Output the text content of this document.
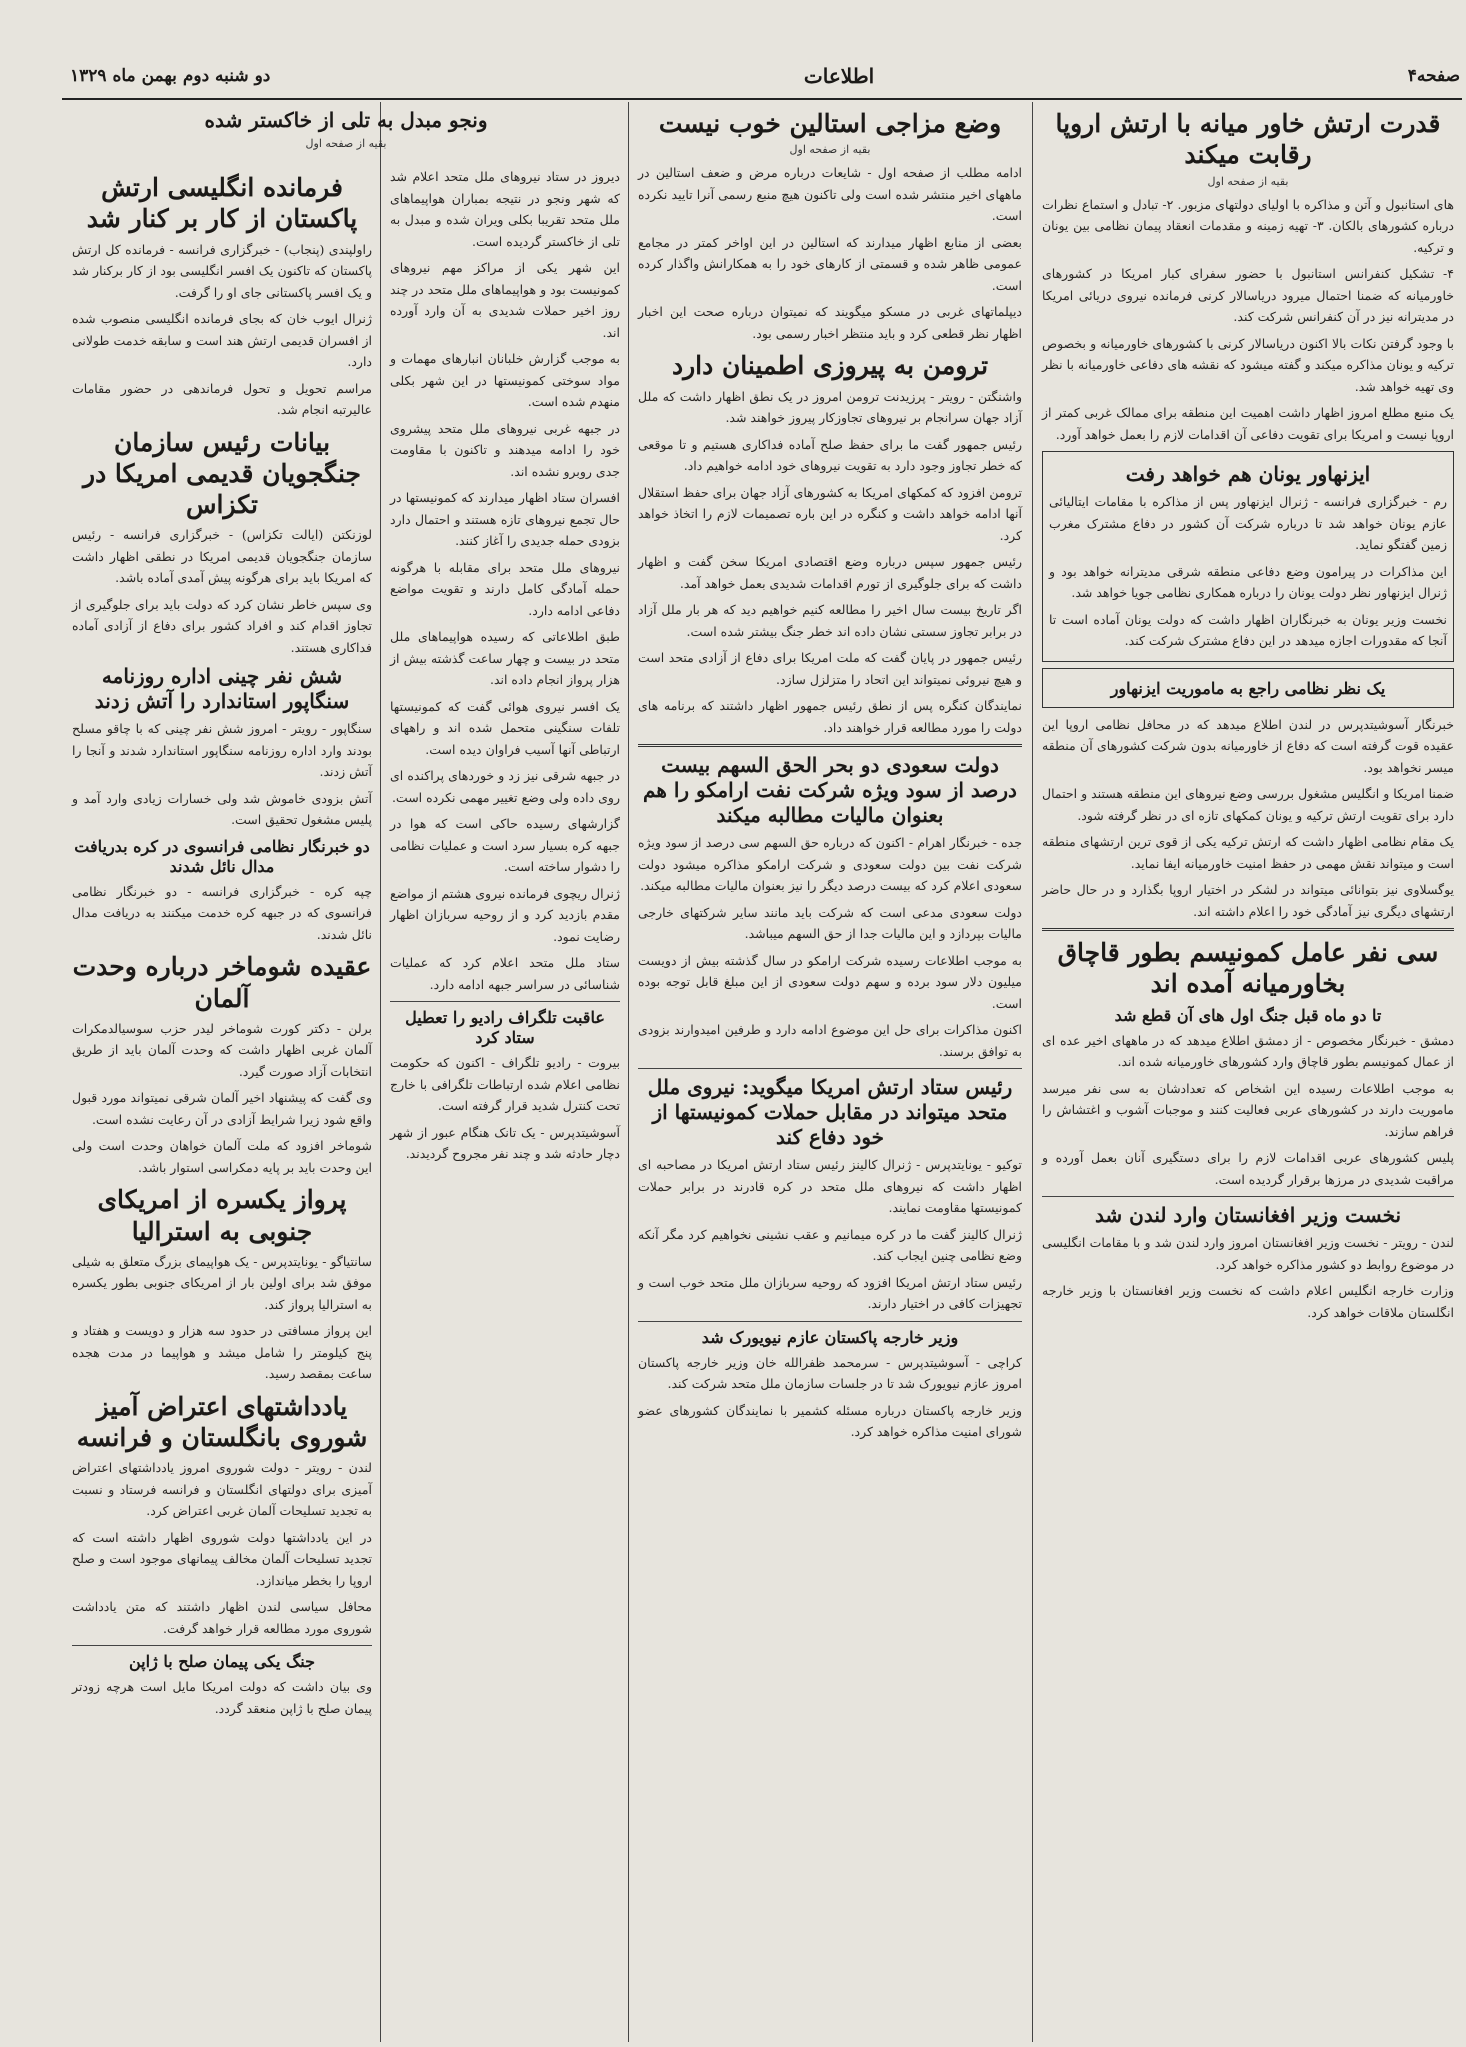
صفحه۴
اطلاعات
دو شنبه دوم بهمن ماه ۱۳۲۹
قدرت ارتش خاور میانه با ارتش اروپا رقابت میکند
بقیه از صفحه اول

های استانبول و آتن و مذاکره با اولیای دولتهای مزبور. ۲- تبادل و استماع نظرات درباره کشورهای بالکان. ۳- تهیه زمینه و مقدمات انعقاد پیمان نظامی بین یونان و ترکیه.

۴- تشکیل کنفرانس استانبول با حضور سفرای کبار امریکا در کشورهای خاورمیانه که ضمنا احتمال میرود دریاسالار کرنی فرمانده نیروی دریائی امریکا در مدیترانه نیز در آن کنفرانس شرکت کند.

با وجود گرفتن نکات بالا اکنون دریاسالار کرنی با کشورهای خاورمیانه و بخصوص ترکیه و یونان مذاکره میکند و گفته میشود که نقشه های دفاعی خاورمیانه با نظر وی تهیه خواهد شد.

یک منبع مطلع امروز اظهار داشت اهمیت این منطقه برای ممالک غربی کمتر از اروپا نیست و امریکا برای تقویت دفاعی آن اقدامات لازم را بعمل خواهد آورد.

ایزنهاور یونان هم خواهد رفت

رم - خبرگزاری فرانسه - ژنرال ایزنهاور پس از مذاکره با مقامات ایتالیائی عازم یونان خواهد شد تا درباره شرکت آن کشور در دفاع مشترک مغرب زمین گفتگو نماید.

این مذاکرات در پیرامون وضع دفاعی منطقه شرقی مدیترانه خواهد بود و ژنرال ایزنهاور نظر دولت یونان را درباره همکاری نظامی جویا خواهد شد.

نخست وزیر یونان به خبرنگاران اظهار داشت که دولت یونان آماده است تا آنجا که مقدورات اجازه میدهد در این دفاع مشترک شرکت کند.

یک نظر نظامی راجع به ماموریت ایزنهاور

خبرنگار آسوشیتدپرس در لندن اطلاع میدهد که در محافل نظامی اروپا این عقیده قوت گرفته است که دفاع از خاورمیانه بدون شرکت کشورهای آن منطقه میسر نخواهد بود.

ضمنا امریکا و انگلیس مشغول بررسی وضع نیروهای این منطقه هستند و احتمال دارد برای تقویت ارتش ترکیه و یونان کمکهای تازه ای در نظر گرفته شود.

یک مقام نظامی اظهار داشت که ارتش ترکیه یکی از قوی ترین ارتشهای منطقه است و میتواند نقش مهمی در حفظ امنیت خاورمیانه ایفا نماید.

یوگسلاوی نیز بتوانائی میتواند در لشکر در اختیار اروپا بگذارد و در حال حاضر ارتشهای دیگری نیز آمادگی خود را اعلام داشته اند.

سی نفر عامل کمونیسم بطور قاچاق بخاورمیانه آمده اند
تا دو ماه قبل جنگ اول های آن قطع شد

دمشق - خبرنگار مخصوص - از دمشق اطلاع میدهد که در ماههای اخیر عده ای از عمال کمونیسم بطور قاچاق وارد کشورهای خاورمیانه شده اند.

به موجب اطلاعات رسیده این اشخاص که تعدادشان به سی نفر میرسد ماموریت دارند در کشورهای عربی فعالیت کنند و موجبات آشوب و اغتشاش را فراهم سازند.

پلیس کشورهای عربی اقدامات لازم را برای دستگیری آنان بعمل آورده و مراقبت شدیدی در مرزها برقرار گردیده است.

نخست وزیر افغانستان وارد لندن شد

لندن - رویتر - نخست وزیر افغانستان امروز وارد لندن شد و با مقامات انگلیسی در موضوع روابط دو کشور مذاکره خواهد کرد.

وزارت خارجه انگلیس اعلام داشت که نخست وزیر افغانستان با وزیر خارجه انگلستان ملاقات خواهد کرد.

وضع مزاجی استالین خوب نیست
بقیه از صفحه اول

ادامه مطلب از صفحه اول - شایعات درباره مرض و ضعف استالین در ماههای اخیر منتشر شده است ولی تاکنون هیچ منبع رسمی آنرا تایید نکرده است.

بعضی از منابع اظهار میدارند که استالین در این اواخر کمتر در مجامع عمومی ظاهر شده و قسمتی از کارهای خود را به همکارانش واگذار کرده است.

دیپلماتهای غربی در مسکو میگویند که نمیتوان درباره صحت این اخبار اظهار نظر قطعی کرد و باید منتظر اخبار رسمی بود.

ترومن به پیروزی اطمینان دارد

واشنگتن - رویتر - پرزیدنت ترومن امروز در یک نطق اظهار داشت که ملل آزاد جهان سرانجام بر نیروهای تجاوزکار پیروز خواهند شد.

رئیس جمهور گفت ما برای حفظ صلح آماده فداکاری هستیم و تا موقعی که خطر تجاوز وجود دارد به تقویت نیروهای خود ادامه خواهیم داد.

ترومن افزود که کمکهای امریکا به کشورهای آزاد جهان برای حفظ استقلال آنها ادامه خواهد داشت و کنگره در این باره تصمیمات لازم را اتخاذ خواهد کرد.

رئیس جمهور سپس درباره وضع اقتصادی امریکا سخن گفت و اظهار داشت که برای جلوگیری از تورم اقدامات شدیدی بعمل خواهد آمد.

اگر تاریخ بیست سال اخیر را مطالعه کنیم خواهیم دید که هر بار ملل آزاد در برابر تجاوز سستی نشان داده اند خطر جنگ بیشتر شده است.

رئیس جمهور در پایان گفت که ملت امریکا برای دفاع از آزادی متحد است و هیچ نیروئی نمیتواند این اتحاد را متزلزل سازد.

نمایندگان کنگره پس از نطق رئیس جمهور اظهار داشتند که برنامه های دولت را مورد مطالعه قرار خواهند داد.

دولت سعودی دو بحر الحق السهم بیست درصد از سود ویژه شرکت نفت ارامکو را هم بعنوان مالیات مطالبه میکند

جده - خبرنگار اهرام - اکنون که درباره حق السهم سی درصد از سود ویژه شرکت نفت بین دولت سعودی و شرکت ارامکو مذاکره میشود دولت سعودی اعلام کرد که بیست درصد دیگر را نیز بعنوان مالیات مطالبه میکند.

دولت سعودی مدعی است که شرکت باید مانند سایر شرکتهای خارجی مالیات بپردازد و این مالیات جدا از حق السهم میباشد.

به موجب اطلاعات رسیده شرکت ارامکو در سال گذشته بیش از دویست میلیون دلار سود برده و سهم دولت سعودی از این مبلغ قابل توجه بوده است.

اکنون مذاکرات برای حل این موضوع ادامه دارد و طرفین امیدوارند بزودی به توافق برسند.

رئیس ستاد ارتش امریکا میگوید: نیروی ملل متحد میتواند در مقابل حملات کمونیستها از خود دفاع کند

توکیو - یونایتدپرس - ژنرال کالینز رئیس ستاد ارتش امریکا در مصاحبه ای اظهار داشت که نیروهای ملل متحد در کره قادرند در برابر حملات کمونیستها مقاومت نمایند.

ژنرال کالینز گفت ما در کره میمانیم و عقب نشینی نخواهیم کرد مگر آنکه وضع نظامی چنین ایجاب کند.

رئیس ستاد ارتش امریکا افزود که روحیه سربازان ملل متحد خوب است و تجهیزات کافی در اختیار دارند.

وزیر خارجه پاکستان عازم نیویورک شد

کراچی - آسوشیتدپرس - سرمحمد ظفرالله خان وزیر خارجه پاکستان امروز عازم نیویورک شد تا در جلسات سازمان ملل متحد شرکت کند.

وزیر خارجه پاکستان درباره مسئله کشمیر با نمایندگان کشورهای عضو شورای امنیت مذاکره خواهد کرد.

ونجو مبدل به تلی از خاکستر شده
بقیه از صفحه اول

دیروز در ستاد نیروهای ملل متحد اعلام شد که شهر ونجو در نتیجه بمباران هواپیماهای ملل متحد تقریبا بکلی ویران شده و مبدل به تلی از خاکستر گردیده است.

این شهر یکی از مراکز مهم نیروهای کمونیست بود و هواپیماهای ملل متحد در چند روز اخیر حملات شدیدی به آن وارد آورده اند.

به موجب گزارش خلبانان انبارهای مهمات و مواد سوختی کمونیستها در این شهر بکلی منهدم شده است.

در جبهه غربی نیروهای ملل متحد پیشروی خود را ادامه میدهند و تاکنون با مقاومت جدی روبرو نشده اند.

افسران ستاد اظهار میدارند که کمونیستها در حال تجمع نیروهای تازه هستند و احتمال دارد بزودی حمله جدیدی را آغاز کنند.

نیروهای ملل متحد برای مقابله با هرگونه حمله آمادگی کامل دارند و تقویت مواضع دفاعی ادامه دارد.

طبق اطلاعاتی که رسیده هواپیماهای ملل متحد در بیست و چهار ساعت گذشته بیش از هزار پرواز انجام داده اند.

یک افسر نیروی هوائی گفت که کمونیستها تلفات سنگینی متحمل شده اند و راههای ارتباطی آنها آسیب فراوان دیده است.

در جبهه شرقی نیز زد و خوردهای پراکنده ای روی داده ولی وضع تغییر مهمی نکرده است.

گزارشهای رسیده حاکی است که هوا در جبهه کره بسیار سرد است و عملیات نظامی را دشوار ساخته است.

ژنرال ریچوی فرمانده نیروی هشتم از مواضع مقدم بازدید کرد و از روحیه سربازان اظهار رضایت نمود.

ستاد ملل متحد اعلام کرد که عملیات شناسائی در سراسر جبهه ادامه دارد.

عاقبت تلگراف رادیو را تعطیل ستاد کرد

بیروت - رادیو تلگراف - اکنون که حکومت نظامی اعلام شده ارتباطات تلگرافی با خارج تحت کنترل شدید قرار گرفته است.

آسوشیتدپرس - یک تانک هنگام عبور از شهر دچار حادثه شد و چند نفر مجروح گردیدند.

فرمانده انگلیسی ارتش پاکستان از کار بر کنار شد

راولپندی (پنجاب) - خبرگزاری فرانسه - فرمانده کل ارتش پاکستان که تاکنون یک افسر انگلیسی بود از کار برکنار شد و یک افسر پاکستانی جای او را گرفت.

ژنرال ایوب خان که بجای فرمانده انگلیسی منصوب شده از افسران قدیمی ارتش هند است و سابقه خدمت طولانی دارد.

مراسم تحویل و تحول فرماندهی در حضور مقامات عالیرتبه انجام شد.

بیانات رئیس سازمان جنگجویان قدیمی امریکا در تکزاس

لوزنکتن (ایالت تکزاس) - خبرگزاری فرانسه - رئیس سازمان جنگجویان قدیمی امریکا در نطقی اظهار داشت که امریکا باید برای هرگونه پیش آمدی آماده باشد.

وی سپس خاطر نشان کرد که دولت باید برای جلوگیری از تجاوز اقدام کند و افراد کشور برای دفاع از آزادی آماده فداکاری هستند.

شش نفر چینی اداره روزنامه سنگاپور استاندارد را آتش زدند

سنگاپور - رویتر - امروز شش نفر چینی که با چاقو مسلح بودند وارد اداره روزنامه سنگاپور استاندارد شدند و آنجا را آتش زدند.

آتش بزودی خاموش شد ولی خسارات زیادی وارد آمد و پلیس مشغول تحقیق است.

دو خبرنگار نظامی فرانسوی در کره بدریافت مدال نائل شدند

چپه کره - خبرگزاری فرانسه - دو خبرنگار نظامی فرانسوی که در جبهه کره خدمت میکنند به دریافت مدال نائل شدند.

عقیده شوماخر درباره وحدت آلمان

برلن - دکتر کورت شوماخر لیدر حزب سوسیالدمکرات آلمان غربی اظهار داشت که وحدت آلمان باید از طریق انتخابات آزاد صورت گیرد.

وی گفت که پیشنهاد اخیر آلمان شرقی نمیتواند مورد قبول واقع شود زیرا شرایط آزادی در آن رعایت نشده است.

شوماخر افزود که ملت آلمان خواهان وحدت است ولی این وحدت باید بر پایه دمکراسی استوار باشد.

پرواز یکسره از امریکای جنوبی به استرالیا

سانتیاگو - یونایتدپرس - یک هواپیمای بزرگ متعلق به شیلی موفق شد برای اولین بار از امریکای جنوبی بطور یکسره به استرالیا پرواز کند.

این پرواز مسافتی در حدود سه هزار و دویست و هفتاد و پنج کیلومتر را شامل میشد و هواپیما در مدت هجده ساعت بمقصد رسید.

یادداشتهای اعتراض آمیز شوروی بانگلستان و فرانسه

لندن - رویتر - دولت شوروی امروز یادداشتهای اعتراض آمیزی برای دولتهای انگلستان و فرانسه فرستاد و نسبت به تجدید تسلیحات آلمان غربی اعتراض کرد.

در این یادداشتها دولت شوروی اظهار داشته است که تجدید تسلیحات آلمان مخالف پیمانهای موجود است و صلح اروپا را بخطر میاندازد.

محافل سیاسی لندن اظهار داشتند که متن یادداشت شوروی مورد مطالعه قرار خواهد گرفت.

جنگ یکی پیمان صلح با ژاپن

وی بیان داشت که دولت امریکا مایل است هرچه زودتر پیمان صلح با ژاپن منعقد گردد.
